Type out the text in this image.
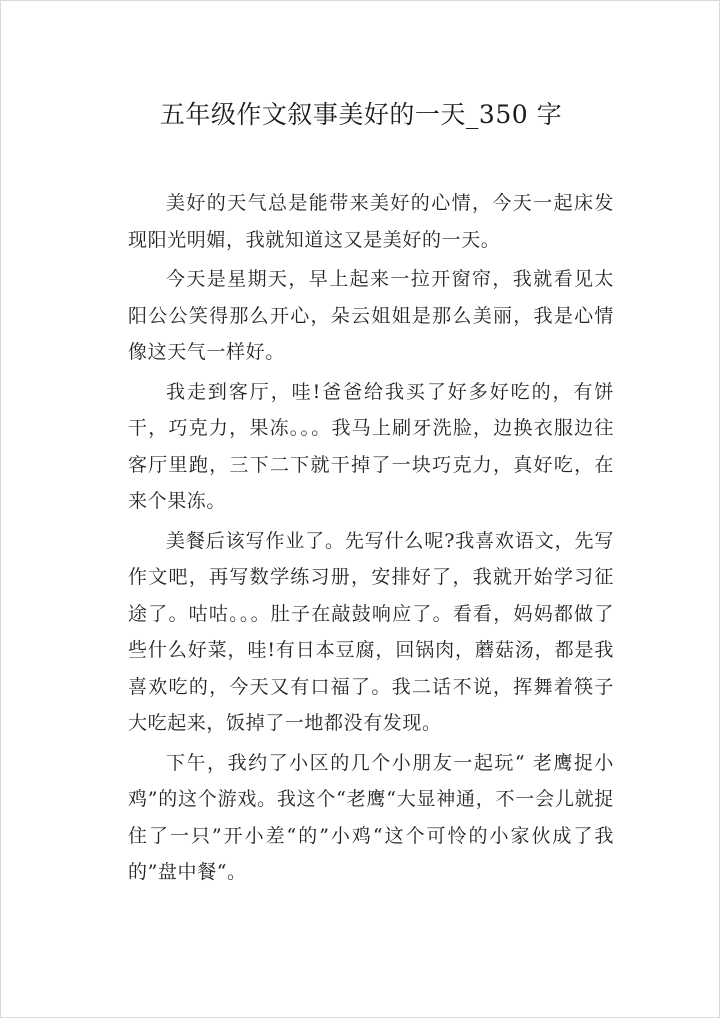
五年级作文叙事美好的一天_350 字

美好的天气总是能带来美好的心情，今天一起床发现阳光明媚，我就知道这又是美好的一天。

今天是星期天，早上起来一拉开窗帘，我就看见太阳公公笑得那么开心，朵云姐姐是那么美丽，我是心情像这天气一样好。

我走到客厅，哇!爸爸给我买了好多好吃的，有饼干，巧克力，果冻。。。我马上刷牙洗脸，边换衣服边往客厅里跑，三下二下就干掉了一块巧克力，真好吃，在来个果冻。

美餐后该写作业了。先写什么呢?我喜欢语文，先写作文吧，再写数学练习册，安排好了，我就开始学习征途了。咕咕。。。肚子在敲鼓响应了。看看，妈妈都做了些什么好菜，哇!有日本豆腐，回锅肉，蘑菇汤，都是我喜欢吃的，今天又有口福了。我二话不说，挥舞着筷子大吃起来，饭掉了一地都没有发现。

下午，我约了小区的几个小朋友一起玩“ 老鹰捉小鸡”的这个游戏。我这个“老鹰“大显神通，不一会儿就捉住了一只”开小差“的”小鸡“这个可怜的小家伙成了我的”盘中餐“。
